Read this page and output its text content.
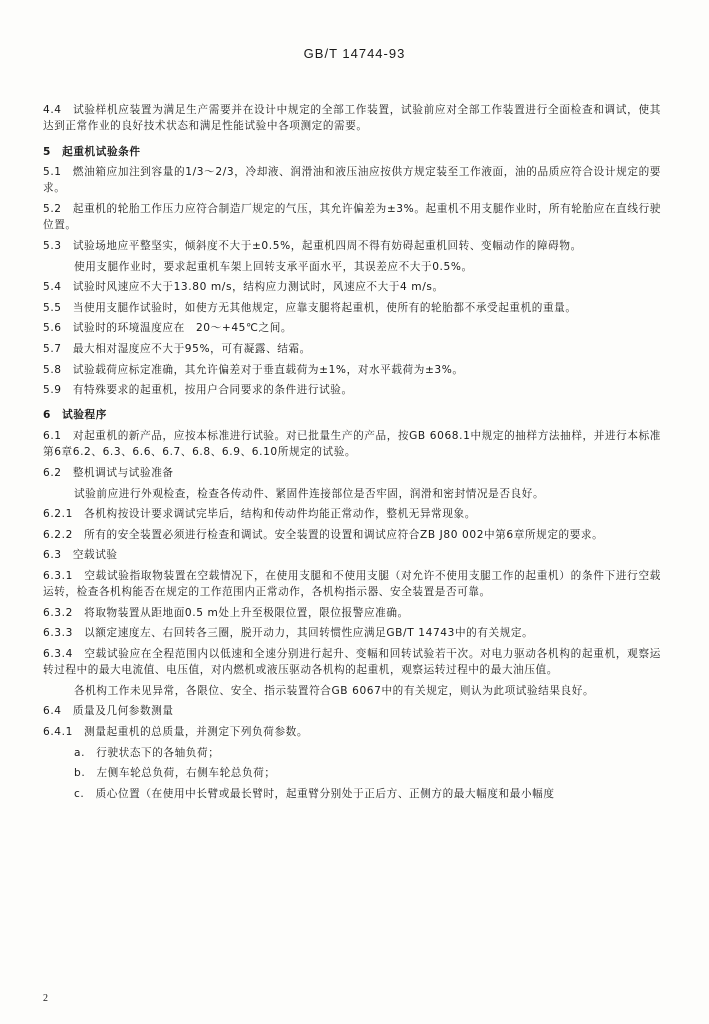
GB/T 14744-93

4.4　试验样机应装置为满足生产需要并在设计中规定的全部工作装置，试验前应对全部工作装置进行全面检查和调试，使其达到正常作业的良好技术状态和满足性能试验中各项测定的需要。

5　起重机试验条件

5.1　燃油箱应加注到容量的1/3～2/3，冷却液、润滑油和液压油应按供方规定装至工作液面，油的品质应符合设计规定的要求。

5.2　起重机的轮胎工作压力应符合制造厂规定的气压，其允许偏差为±3%。起重机不用支腿作业时，所有轮胎应在直线行驶位置。

5.3　试验场地应平整坚实，倾斜度不大于±0.5%，起重机四周不得有妨碍起重机回转、变幅动作的障碍物。

使用支腿作业时，要求起重机车架上回转支承平面水平，其误差应不大于0.5%。

5.4　试验时风速应不大于13.80 m/s，结构应力测试时，风速应不大于4 m/s。

5.5　当使用支腿作试验时，如使方无其他规定，应靠支腿将起重机，使所有的轮胎都不承受起重机的重量。

5.6　试验时的环境温度应在　20～+45℃之间。

5.7　最大相对湿度应不大于95%，可有凝露、结霜。

5.8　试验载荷应标定准确，其允许偏差对于垂直载荷为±1%，对水平载荷为±3%。

5.9　有特殊要求的起重机，按用户合同要求的条件进行试验。

6　试验程序

6.1　对起重机的新产品，应按本标准进行试验。对已批量生产的产品，按GB 6068.1中规定的抽样方法抽样，并进行本标准第6章6.2、6.3、6.6、6.7、6.8、6.9、6.10所规定的试验。

6.2　整机调试与试验准备

试验前应进行外观检查，检查各传动件、紧固件连接部位是否牢固，润滑和密封情况是否良好。

6.2.1　各机构按设计要求调试完毕后，结构和传动件均能正常动作，整机无异常现象。

6.2.2　所有的安全装置必须进行检查和调试。安全装置的设置和调试应符合ZB J80 002中第6章所规定的要求。

6.3　空载试验

6.3.1　空载试验指取物装置在空载情况下，在使用支腿和不使用支腿（对允许不使用支腿工作的起重机）的条件下进行空载运转，检查各机构能否在规定的工作范围内正常动作，各机构指示器、安全装置是否可靠。

6.3.2　将取物装置从距地面0.5 m处上升至极限位置，限位报警应准确。

6.3.3　以额定速度左、右回转各三圈，脱开动力，其回转惯性应满足GB/T 14743中的有关规定。

6.3.4　空载试验应在全程范围内以低速和全速分别进行起升、变幅和回转试验若干次。对电力驱动各机构的起重机，观察运转过程中的最大电流值、电压值，对内燃机或液压驱动各机构的起重机，观察运转过程中的最大油压值。

各机构工作未见异常，各限位、安全、指示装置符合GB 6067中的有关规定，则认为此项试验结果良好。

6.4　质量及几何参数测量

6.4.1　测量起重机的总质量，并测定下列负荷参数。

a.　行驶状态下的各轴负荷；

b.　左侧车轮总负荷，右侧车轮总负荷；

c.　质心位置（在使用中长臂或最长臂时，起重臂分别处于正后方、正侧方的最大幅度和最小幅度

2
